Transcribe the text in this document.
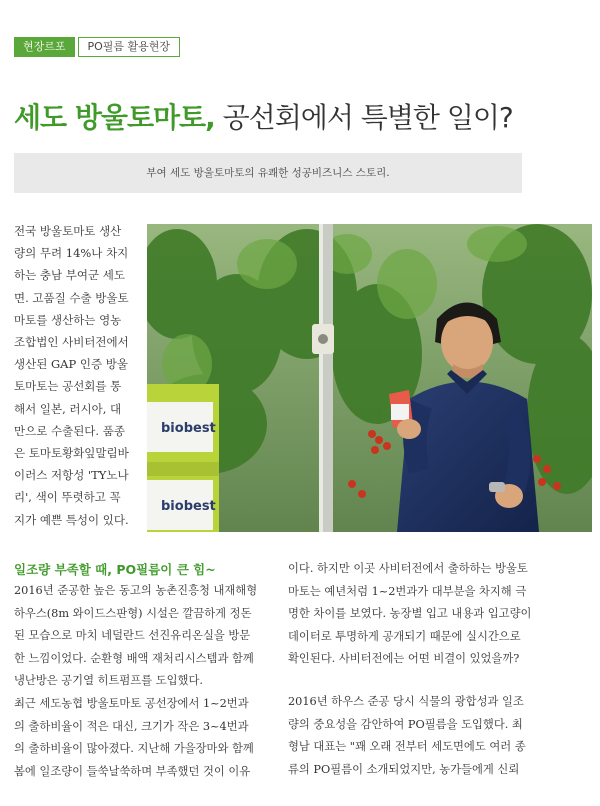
현장르포	PO필름 활용현장
세도 방울토마토, 공선회에서 특별한 일이?
부여 세도 방울토마토의 유쾌한 성공비즈니스 스토리.

전국 방울토마토 생산

량의 무려 14%나 차지

하는 충남 부여군 세도

면. 고품질 수출 방울토

마토를 생산하는 영농

조합법인 사비터전에서

생산된 GAP 인증 방울

토마토는 공선회를 통

해서 일본, 러시아, 대

만으로 수출된다. 품종

은 토마토황화잎말림바

이러스 저항성 'TY노나

리', 색이 뚜렷하고 꼭

지가 예쁜 특성이 있다.

biobest
biobest
일조량 부족할 때, PO필름이 큰 힘~

2016년 준공한 높은 동고의 농촌진흥청 내재해형

하우스(8m 와이드스판형) 시설은 깔끔하게 정돈

된 모습으로 마치 네덜란드 선진유리온실을 방문

한 느낌이었다. 순환형 배액 재처리시스템과 함께

냉난방은 공기열 히트펌프를 도입했다.

최근 세도농협 방울토마토 공선장에서 1~2번과

의 출하비율이 적은 대신, 크기가 작은 3~4번과

의 출하비율이 많아졌다. 지난해 가을장마와 함께

봄에 일조량이 들쑥날쑥하며 부족했던 것이 이유

이다. 하지만 이곳 사비터전에서 출하하는 방울토

마토는 예년처럼 1~2번과가 대부분을 차지해 극

명한 차이를 보였다. 농장별 입고 내용과 입고량이

데이터로 투명하게 공개되기 때문에 실시간으로

확인된다. 사비터전에는 어떤 비결이 있었을까?

2016년 하우스 준공 당시 식물의 광합성과 일조

량의 중요성을 감안하여 PO필름을 도입했다. 최

형남 대표는 "꽤 오래 전부터 세도면에도 여러 종

류의 PO필름이 소개되었지만, 농가들에게 신뢰
